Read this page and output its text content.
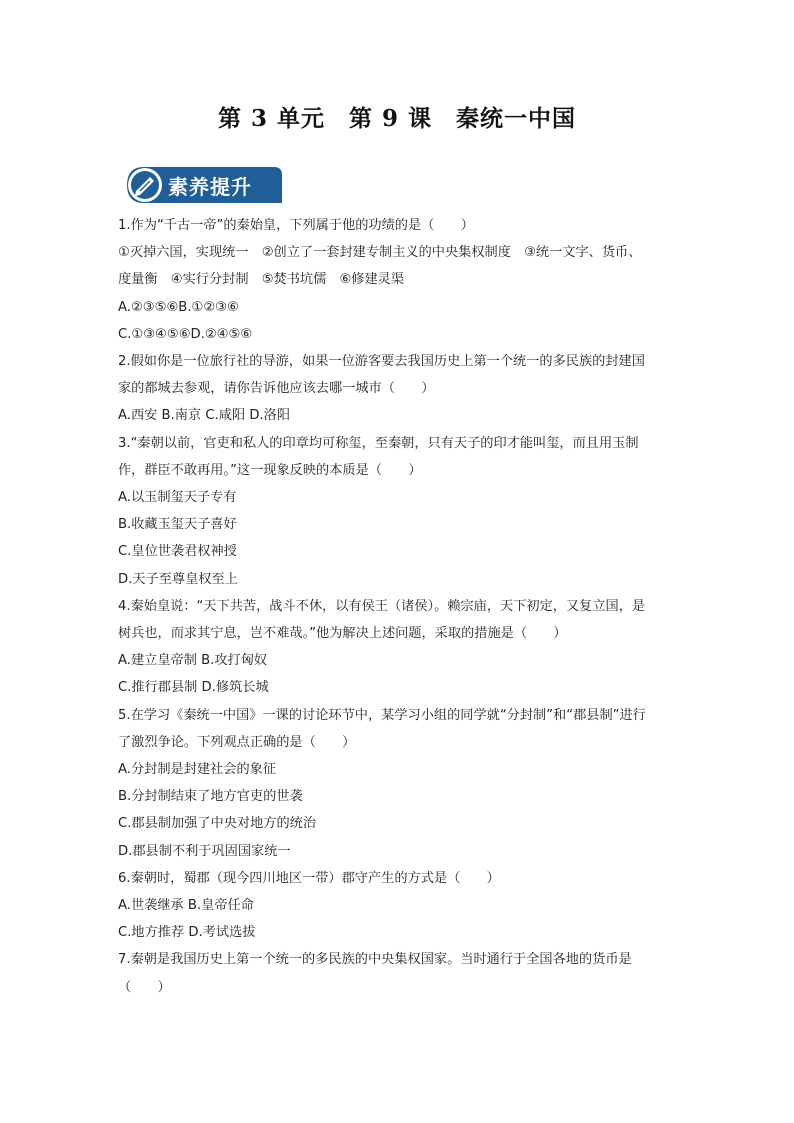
第 3 单元　第 9 课　秦统一中国
素养提升
1.作为“千古一帝”的秦始皇，下列属于他的功绩的是（　　）
①灭掉六国，实现统一　②创立了一套封建专制主义的中央集权制度　③统一文字、货币、
度量衡　④实行分封制　⑤焚书坑儒　⑥修建灵渠
A.②③⑤⑥B.①②③⑥
C.①③④⑤⑥D.②④⑤⑥
2.假如你是一位旅行社的导游，如果一位游客要去我国历史上第一个统一的多民族的封建国
家的都城去参观，请你告诉他应该去哪一城市（　　）
A.西安 B.南京 C.咸阳 D.洛阳
3.“秦朝以前，官吏和私人的印章均可称玺，至秦朝，只有天子的印才能叫玺，而且用玉制
作，群臣不敢再用。”这一现象反映的本质是（　　）
A.以玉制玺天子专有
B.收藏玉玺天子喜好
C.皇位世袭君权神授
D.天子至尊皇权至上
4.秦始皇说：“天下共苦，战斗不休，以有侯王（诸侯）。赖宗庙，天下初定，又复立国，是
树兵也，而求其宁息，岂不难哉。”他为解决上述问题，采取的措施是（　　）
A.建立皇帝制 B.攻打匈奴
C.推行郡县制 D.修筑长城
5.在学习《秦统一中国》一课的讨论环节中，某学习小组的同学就“分封制”和“郡县制”进行
了激烈争论。下列观点正确的是（　　）
A.分封制是封建社会的象征
B.分封制结束了地方官吏的世袭
C.郡县制加强了中央对地方的统治
D.郡县制不利于巩固国家统一
6.秦朝时，蜀郡（现今四川地区一带）郡守产生的方式是（　　）
A.世袭继承 B.皇帝任命
C.地方推荐 D.考试选拔
7.秦朝是我国历史上第一个统一的多民族的中央集权国家。当时通行于全国各地的货币是
（　　）
